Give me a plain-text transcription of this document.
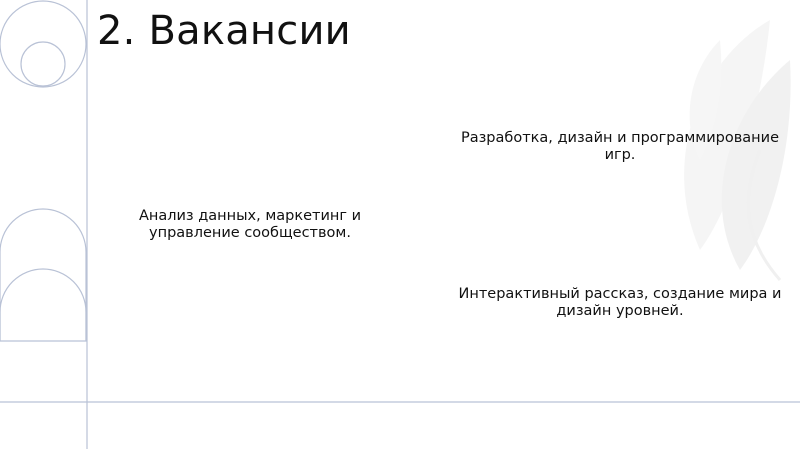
2. Вакансии
Анализ данных, маркетинг и управление сообществом.
Разработка, дизайн и программирование игр.
Интерактивный рассказ, создание мира и дизайн уровней.
